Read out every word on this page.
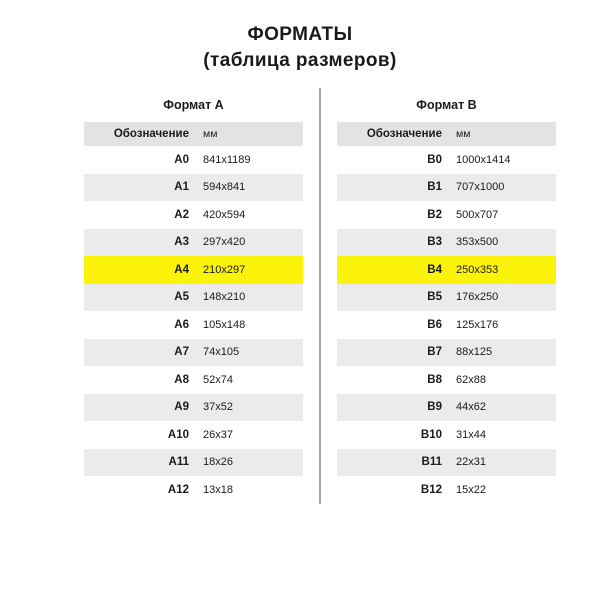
ФОРМАТЫ
(таблица размеров)
Формат А			Формат В	
Обозначение	мм		Обозначение	мм
A0	841x1189		B0	1000x1414
A1	594x841		B1	707x1000
A2	420x594		B2	500x707
A3	297x420		B3	353x500
A4	210x297		B4	250x353
A5	148x210		B5	176x250
A6	105x148		B6	125x176
A7	74x105		B7	88x125
A8	52x74		B8	62x88
A9	37x52		B9	44x62
A10	26x37		B10	31x44
A11	18x26		B11	22x31
A12	13x18		B12	15x22
